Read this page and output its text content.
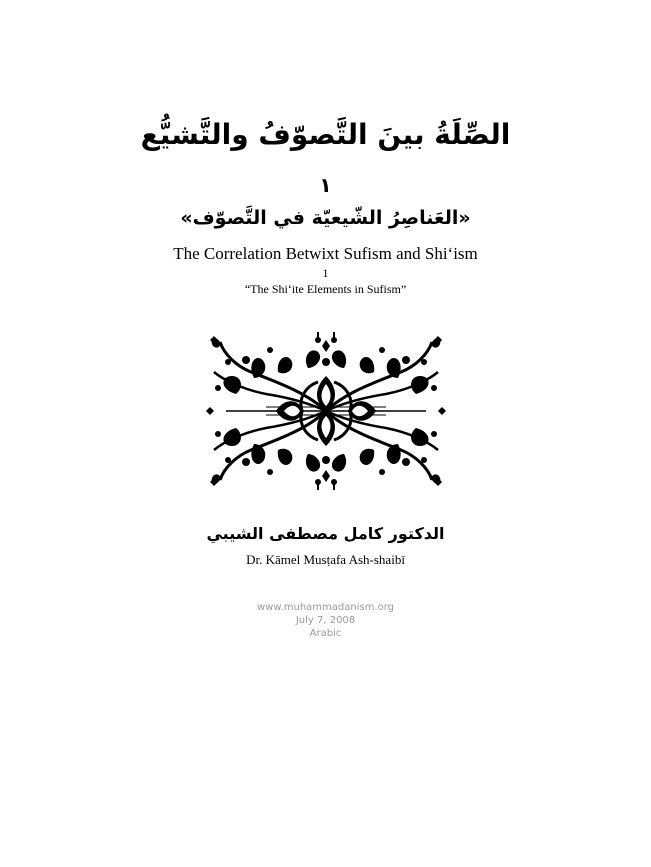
الصِّلَةُ بينَ التَّصوّفُ والتَّشيُّع
١
«العَناصِرُ الشّيعيّة في التَّصوّف»
The Correlation Betwixt Sufism and Shi‘ism
1
“The Shi‘ite Elements in Sufism”
الدكتور كامل مصطفى الشيبي
Dr. Kāmel Musṭafa Ash-shaibī
www.muhammadanism.org
July 7, 2008
Arabic
